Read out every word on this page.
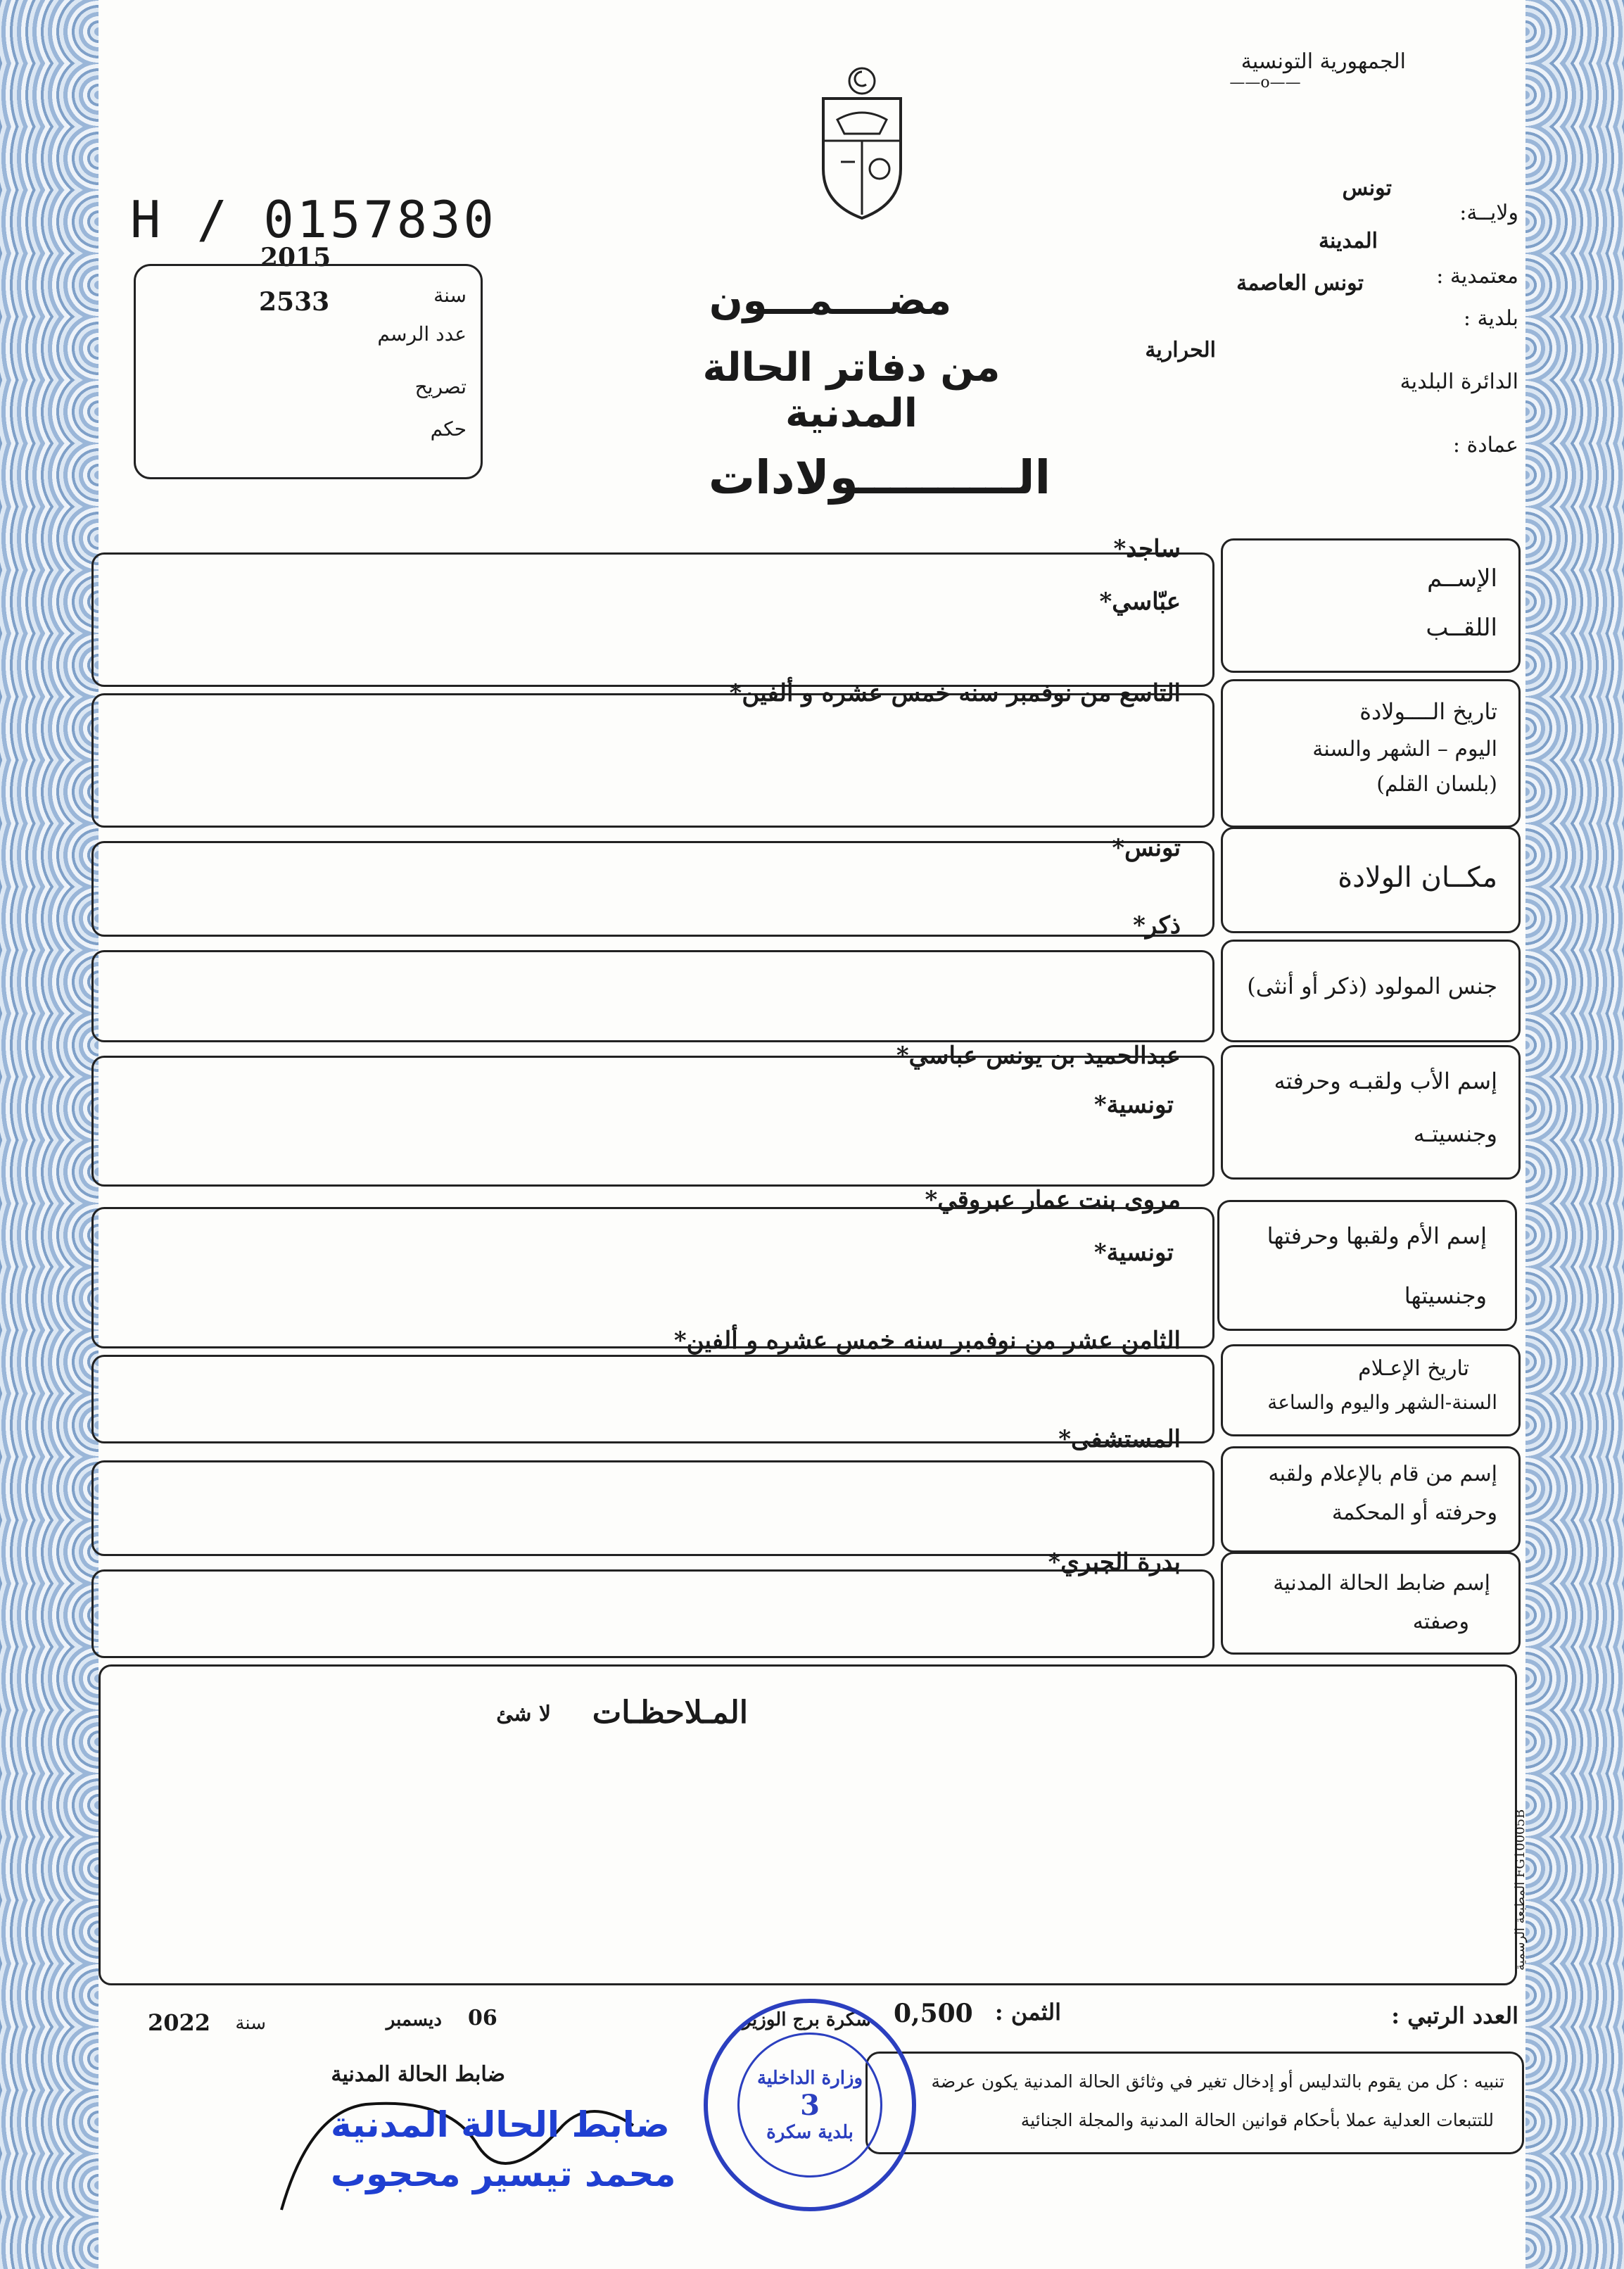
الجمهورية التونسية
——o——
ولايــة:
تونس
المدينة
معتمدية :
تونس العاصمة
بلدية :
الحرارية
الدائرة البلدية
عمادة :
H / 0157830
2015
سنة
2533
عدد الرسم
تصريح
حكم
مضــــمـــون
من دفاتر الحالة المدنية
الــــــــــولادات
الإســم
اللقــب
ساجد*
عبّاسي*
تاريخ الــــولادة
اليوم – الشهر والسنة
(بلسان القلم)
التاسع من نوفمبر سنه خمس عشره و ألفين*
مكــان الولادة
تونس*
جنس المولود (ذكر أو أنثى)
ذكر*
إسم الأب ولقبـه وحرفته
وجنسيتـه
عبدالحميد بن يونس عباسي*
تونسية*
إسم الأم ولقبها وحرفتها
وجنسيتها
مروى بنت عمار عبروقي*
تونسية*
تاريخ الإعـلام
السنة-الشهر واليوم والساعة
الثامن عشر من نوفمبر سنه خمس عشره و ألفين*
إسم من قام بالإعلام ولقبه
وحرفته أو المحكمة
المستشفى*
إسم ضابط الحالة المدنية
وصفته
بدرة الجبري*
المـلاحظـات
لا شئ
المطبعة الرسمية FG10005B
العدد الرتبي :
الثمن :
0,500
سكرة برج الوزير
06
ديسمبر
سنة
2022
ضابط الحالة المدنية	تنبيه : كل من يقوم بالتدليس أو إدخال تغير في وثائق الحالة المدنية يكون عرضة
للتتبعات العدلية عملا بأحكام قوانين الحالة المدنية والمجلة الجنائية
وزارة الداخلية
3
بلدية سكرة
ضابط الحالة المدنية
محمد تيسير محجوب
